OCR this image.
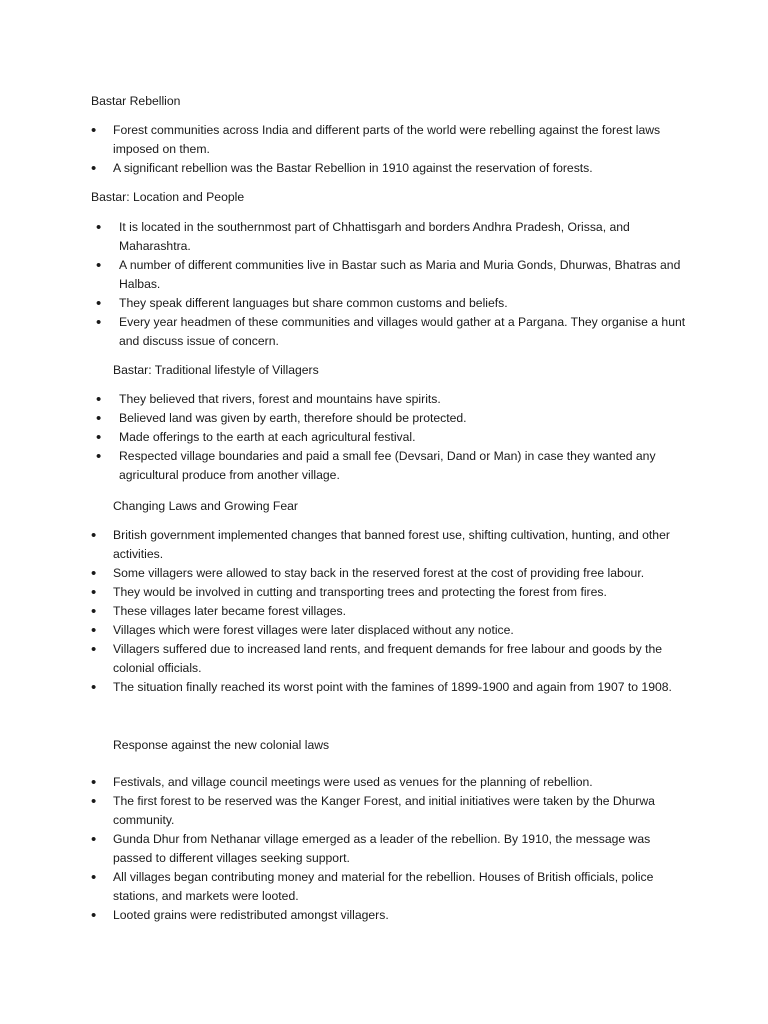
Bastar Rebellion
• Forest communities across India and different parts of the world were rebelling against the forest laws imposed on them.
• A significant rebellion was the Bastar Rebellion in 1910 against the reservation of forests.
Bastar: Location and People
• It is located in the southernmost part of Chhattisgarh and borders Andhra Pradesh, Orissa, and Maharashtra.
• A number of different communities live in Bastar such as Maria and Muria Gonds, Dhurwas, Bhatras and Halbas.
• They speak different languages but share common customs and beliefs.
• Every year headmen of these communities and villages would gather at a Pargana. They organise a hunt and discuss issue of concern.
Bastar: Traditional lifestyle of Villagers
• They believed that rivers, forest and mountains have spirits.
• Believed land was given by earth, therefore should be protected.
• Made offerings to the earth at each agricultural festival.
• Respected village boundaries and paid a small fee (Devsari, Dand or Man) in case they wanted any agricultural produce from another village.
Changing Laws and Growing Fear
• British government implemented changes that banned forest use, shifting cultivation, hunting, and other activities.
• Some villagers were allowed to stay back in the reserved forest at the cost of providing free labour.
• They would be involved in cutting and transporting trees and protecting the forest from fires.
• These villages later became forest villages.
• Villages which were forest villages were later displaced without any notice.
• Villagers suffered due to increased land rents, and frequent demands for free labour and goods by the colonial officials.
• The situation finally reached its worst point with the famines of 1899-1900 and again from 1907 to 1908.
Response against the new colonial laws
• Festivals, and village council meetings were used as venues for the planning of rebellion.
• The first forest to be reserved was the Kanger Forest, and initial initiatives were taken by the Dhurwa community.
• Gunda Dhur from Nethanar village emerged as a leader of the rebellion. By 1910, the message was passed to different villages seeking support.
• All villages began contributing money and material for the rebellion. Houses of British officials, police stations, and markets were looted.
• Looted grains were redistributed amongst villagers.
